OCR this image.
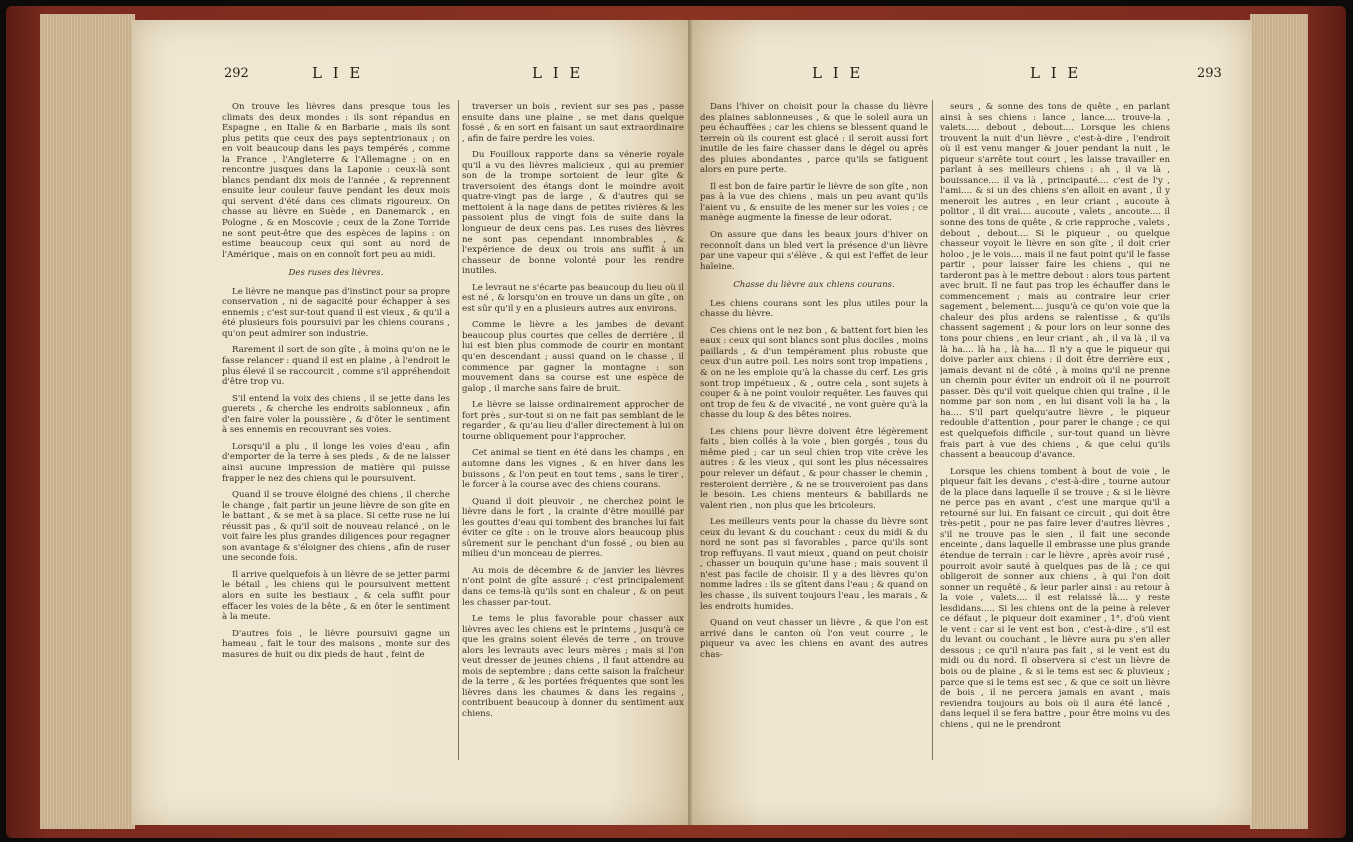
292	L I E	L I E

On trouve les lièvres dans presque tous les climats des deux mondes : ils sont répandus en Espagne , en Italie & en Barbarie , mais ils sont plus petits que ceux des pays septentrionaux ; on en voit beaucoup dans les pays tempérés , comme la France , l'Angleterre & l'Allemagne ; on en rencontre jusques dans la Laponie : ceux-là sont blancs pendant dix mois de l'année , & reprennent ensuite leur couleur fauve pendant les deux mois qui servent d'été dans ces climats rigoureux. On chasse au lièvre en Suède , en Danemarck , en Pologne , & en Moscovie ; ceux de la Zone Torride ne sont peut-être que des espèces de lapins : on estime beaucoup ceux qui sont au nord de l'Amérique , mais on en connoît fort peu au midi.

Des ruses des lièvres.

Le lièvre ne manque pas d'instinct pour sa propre conservation , ni de sagacité pour échapper à ses ennemis ; c'est sur-tout quand il est vieux , & qu'il a été plusieurs fois poursuivi par les chiens courans , qu'on peut admirer son industrie.

Rarement il sort de son gîte , à moins qu'on ne le fasse relancer : quand il est en plaine , à l'endroit le plus élevé il se raccourcit , comme s'il appréhendoit d'être trop vu.

S'il entend la voix des chiens , il se jette dans les guerets , & cherche les endroits sablonneux , afin d'en faire voler la poussière , & d'ôter le sentiment à ses ennemis en recouvrant ses voies.

Lorsqu'il a plu , il longe les voies d'eau , afin d'emporter de la terre à ses pieds , & de ne laisser ainsi aucune impression de matière qui puisse frapper le nez des chiens qui le poursuivent.

Quand il se trouve éloigné des chiens , il cherche le change , fait partir un jeune lièvre de son gîte en le battant , & se met à sa place. Si cette ruse ne lui réussit pas , & qu'il soit de nouveau relancé , on le voit faire les plus grandes diligences pour regagner son avantage & s'éloigner des chiens , afin de ruser une seconde fois.

Il arrive quelquefois à un lièvre de se jetter parmi le bétail , les chiens qui le poursuivent mettent alors en suite les bestiaux , & cela suffit pour effacer les voies de la bête , & en ôter le sentiment à la meute.

D'autres fois , le lièvre poursuivi gagne un hameau , fait le tour des maisons , monte sur des masures de huit ou dix pieds de haut , feint de

traverser un bois , revient sur ses pas , passe ensuite dans une plaine , se met dans quelque fossé , & en sort en faisant un saut extraordinaire , afin de faire perdre les voies.

Du Fouilloux rapporte dans sa vénerie royale qu'il a vu des lièvres malicieux , qui au premier son de la trompe sortoient de leur gîte & traversoient des étangs dont le moindre avoit quatre-vingt pas de large , & d'autres qui se mettoient à la nage dans de petites rivières & les passoient plus de vingt fois de suite dans la longueur de deux cens pas. Les ruses des lièvres ne sont pas cependant innombrables , & l'expérience de deux ou trois ans suffit à un chasseur de bonne volonté pour les rendre inutiles.

Le levraut ne s'écarte pas beaucoup du lieu où il est né , & lorsqu'on en trouve un dans un gîte , on est sûr qu'il y en a plusieurs autres aux environs.

Comme le lièvre a les jambes de devant beaucoup plus courtes que celles de derrière , il lui est bien plus commode de courir en montant qu'en descendant ; aussi quand on le chasse , il commence par gagner la montagne : son mouvement dans sa course est une espèce de galop , il marche sans faire de bruit.

Le lièvre se laisse ordinairement approcher de fort près , sur-tout si on ne fait pas semblant de le regarder , & qu'au lieu d'aller directement à lui on tourne obliquement pour l'approcher.

Cet animal se tient en été dans les champs , en automne dans les vignes , & en hiver dans les buissons , & l'on peut en tout tems , sans le tirer , le forcer à la course avec des chiens courans.

Quand il doit pleuvoir , ne cherchez point le lièvre dans le fort , la crainte d'être mouillé par les gouttes d'eau qui tombent des branches lui fait éviter ce gîte : on le trouve alors beaucoup plus sûrement sur le penchant d'un fossé , ou bien au milieu d'un monceau de pierres.

Au mois de décembre & de janvier les lièvres n'ont point de gîte assuré ; c'est principalement dans ce tems-là qu'ils sont en chaleur , & on peut les chasser par-tout.

Le tems le plus favorable pour chasser aux lièvres avec les chiens est le printems , jusqu'à ce que les grains soient élevés de terre , on trouve alors les levrauts avec leurs mères ; mais si l'on veut dresser de jeunes chiens , il faut attendre au mois de septembre ; dans cette saison la fraîcheur de la terre , & les portées fréquentes que sont les lièvres dans les chaumes & dans les regains , contribuent beaucoup à donner du sentiment aux chiens.

L I E	L I E	293

Dans l'hiver on choisit pour la chasse du lièvre des plaines sablonneuses , & que le soleil aura un peu échauffées ; car les chiens se blessent quand le terrein où ils courent est glacé : il seroit aussi fort inutile de les faire chasser dans le dégel ou après des pluies abondantes , parce qu'ils se fatiguent alors en pure perte.

Il est bon de faire partir le lièvre de son gîte , non pas à la vue des chiens , mais un peu avant qu'ils l'aient vu , & ensuite de les mener sur les voies ; ce manège augmente la finesse de leur odorat.

On assure que dans les beaux jours d'hiver on reconnoît dans un bled vert la présence d'un lièvre par une vapeur qui s'élève , & qui est l'effet de leur haleine.

Chasse du lièvre aux chiens courans.

Les chiens courans sont les plus utiles pour la chasse du lièvre.

Ces chiens ont le nez bon , & battent fort bien les eaux : ceux qui sont blancs sont plus dociles , moins paillards , & d'un tempérament plus robuste que ceux d'un autre poil. Les noirs sont trop impatiens , & on ne les emploie qu'à la chasse du cerf. Les gris sont trop impétueux , & , outre cela , sont sujets à couper & à ne point vouloir requêter. Les fauves qui ont trop de feu & de vivacité , ne vont guère qu'à la chasse du loup & des bêtes noires.

Les chiens pour lièvre doivent être légèrement faits , bien collés à la voie , bien gorgés , tous du même pied ; car un seul chien trop vite crève les autres : & les vieux , qui sont les plus nécessaires pour relever un défaut , & pour chasser le chemin , resteroient derrière , & ne se trouveroient pas dans le besoin. Les chiens menteurs & babillards ne valent rien , non plus que les bricoleurs.

Les meilleurs vents pour la chasse du lièvre sont ceux du levant & du couchant : ceux du midi & du nord ne sont pas si favorables , parce qu'ils sont trop reffuyans. Il vaut mieux , quand on peut choisir , chasser un bouquin qu'une hase ; mais souvent il n'est pas facile de choisir. Il y a des lièvres qu'on nomme ladres : ils se gîtent dans l'eau ; & quand on les chasse , ils suivent toujours l'eau , les marais , & les endroits humides.

Quand on veut chasser un lièvre , & que l'on est arrivé dans le canton où l'on veut courre , le piqueur va avec les chiens en avant des autres chas-

seurs , & sonne des tons de quête , en parlant ainsi à ses chiens : lance , lance.... trouve-la , valets..... debout , debout.... Lorsque les chiens trouvent la nuit d'un lièvre , c'est-à-dire , l'endroit où il est venu manger & jouer pendant la nuit , le piqueur s'arrête tout court , les laisse travailler en parlant à ses meilleurs chiens : ah , il va là , bouissance.... il va là , principauté.... c'est de l'y , l'ami.... & si un des chiens s'en alloit en avant , il y meneroit les autres , en leur criant , aucoute à politor , il dit vrai.... aucoute , valets , ancoute.... il sonne des tons de quête , & crie rapproche , valets , debout , debout.... Si le piqueur , ou quelque chasseur voyoit le lièvre en son gîte , il doit crier holoo , je le vois.... mais il ne faut point qu'il le fasse partir , pour laisser faire les chiens , qui ne tarderont pas à le mettre debout : alors tous partent avec bruit. Il ne faut pas trop les échauffer dans le commencement ; mais au contraire leur crier sagement , belement.... jusqu'à ce qu'on voie que la chaleur des plus ardens se ralentisse , & qu'ils chassent sagement ; & pour lors on leur sonne des tons pour chiens , en leur criant , ah , il va là , il va là ha.... là ha , là ha.... Il n'y a que le piqueur qui doive parler aux chiens : il doit être derrière eux , jamais devant ni de côté , à moins qu'il ne prenne un chemin pour éviter un endroit où il ne pourroit passer. Dès qu'il voit quelque chien qui traîne , il le nomme par son nom , en lui disant voli la ha , la ha.... S'il part quelqu'autre lièvre , le piqueur redouble d'attention , pour parer le change ; ce qui est quelquefois difficile , sur-tout quand un lièvre frais part à vue des chiens , & que celui qu'ils chassent a beaucoup d'avance.

Lorsque les chiens tombent à bout de voie , le piqueur fait les devans , c'est-à-dire , tourne autour de la place dans laquelle il se trouve ; & si le lièvre ne perce pas en avant , c'est une marque qu'il a retourné sur lui. En faisant ce circuit , qui doit être très-petit , pour ne pas faire lever d'autres lièvres , s'il ne trouve pas le sien , il fait une seconde enceinte , dans laquelle il embrasse une plus grande étendue de terrain : car le lièvre , après avoir rusé , pourroit avoir sauté à quelques pas de là ; ce qui obligeroit de sonner aux chiens , à qui l'on doit sonner un requêté , & leur parler ainsi : au retour à la voie , valets.... il est relaissé là.... y reste lesdidans..... Si les chiens ont de la peine à relever ce défaut , le piqueur doit examiner , 1°. d'où vient le vent : car si le vent est bon , c'est-à-dire , s'il est du levant ou couchant , le lièvre aura pu s'en aller dessous ; ce qu'il n'aura pas fait , si le vent est du midi ou du nord. Il observera si c'est un lièvre de bois ou de plaine , & si le tems est sec & pluvieux ; parce que si le tems est sec , & que ce soit un lièvre de bois , il ne percera jamais en avant , mais reviendra toujours au bois où il aura été lancé , dans lequel il se fera battre , pour être moins vu des chiens , qui ne le prendront
